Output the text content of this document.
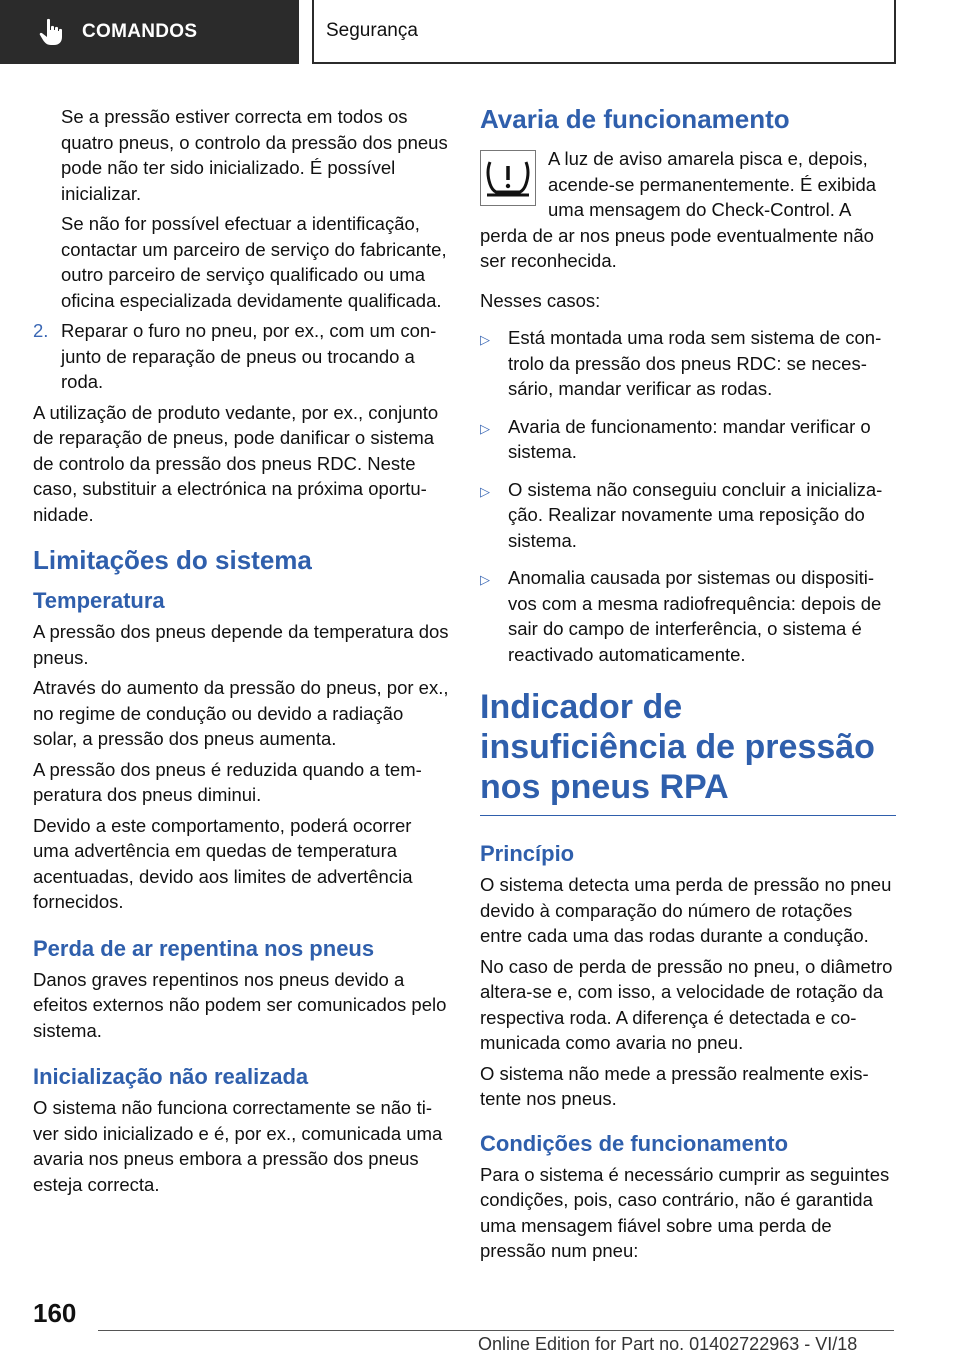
COMANDOS	Segurança

Se a pressão estiver correcta em todos os quatro pneus, o controlo da pressão dos pneus pode não ter sido inicializado. É possível inicializar.

Se não for possível efectuar a identificação, contactar um parceiro de serviço do fabricante, outro parceiro de serviço qualificado ou uma oficina especializada devidamente qualificada.

2. Reparar o furo no pneu, por ex., com um conjunto de reparação de pneus ou trocando a roda.

A utilização de produto vedante, por ex., conjunto de reparação de pneus, pode danificar o sistema de controlo da pressão dos pneus RDC. Neste caso, substituir a electrónica na próxima oportunidade.

Limitações do sistema
Temperatura

A pressão dos pneus depende da temperatura dos pneus.

Através do aumento da pressão do pneus, por ex., no regime de condução ou devido a radiação solar, a pressão dos pneus aumenta.

A pressão dos pneus é reduzida quando a temperatura dos pneus diminui.

Devido a este comportamento, poderá ocorrer uma advertência em quedas de temperatura acentuadas, devido aos limites de advertência fornecidos.

Perda de ar repentina nos pneus

Danos graves repentinos nos pneus devido a efeitos externos não podem ser comunicados pelo sistema.

Inicialização não realizada

O sistema não funciona correctamente se não tiver sido inicializado e é, por ex., comunicada uma avaria nos pneus embora a pressão dos pneus esteja correcta.

Avaria de funcionamento

A luz de aviso amarela pisca e, depois, acende-se permanentemente. É exibida uma mensagem do Check-Control. A perda de ar nos pneus pode eventualmente não ser reconhecida.

Nesses casos:

▷ Está montada uma roda sem sistema de controlo da pressão dos pneus RDC: se necessário, mandar verificar as rodas.
▷ Avaria de funcionamento: mandar verificar o sistema.
▷ O sistema não conseguiu concluir a inicialização. Realizar novamente uma reposição do sistema.
▷ Anomalia causada por sistemas ou dispositivos com a mesma radiofrequência: depois de sair do campo de interferência, o sistema é reactivado automaticamente.
Indicador de insuficiência de pressão nos pneus RPA
Princípio

O sistema detecta uma perda de pressão no pneu devido à comparação do número de rotações entre cada uma das rodas durante a condução.

No caso de perda de pressão no pneu, o diâmetro altera-se e, com isso, a velocidade de rotação da respectiva roda. A diferença é detectada e comunicada como avaria no pneu.

O sistema não mede a pressão realmente existente nos pneus.

Condições de funcionamento

Para o sistema é necessário cumprir as seguintes condições, pois, caso contrário, não é garantida uma mensagem fiável sobre uma perda de pressão num pneu:

160
Online Edition for Part no. 01402722963 - VI/18
